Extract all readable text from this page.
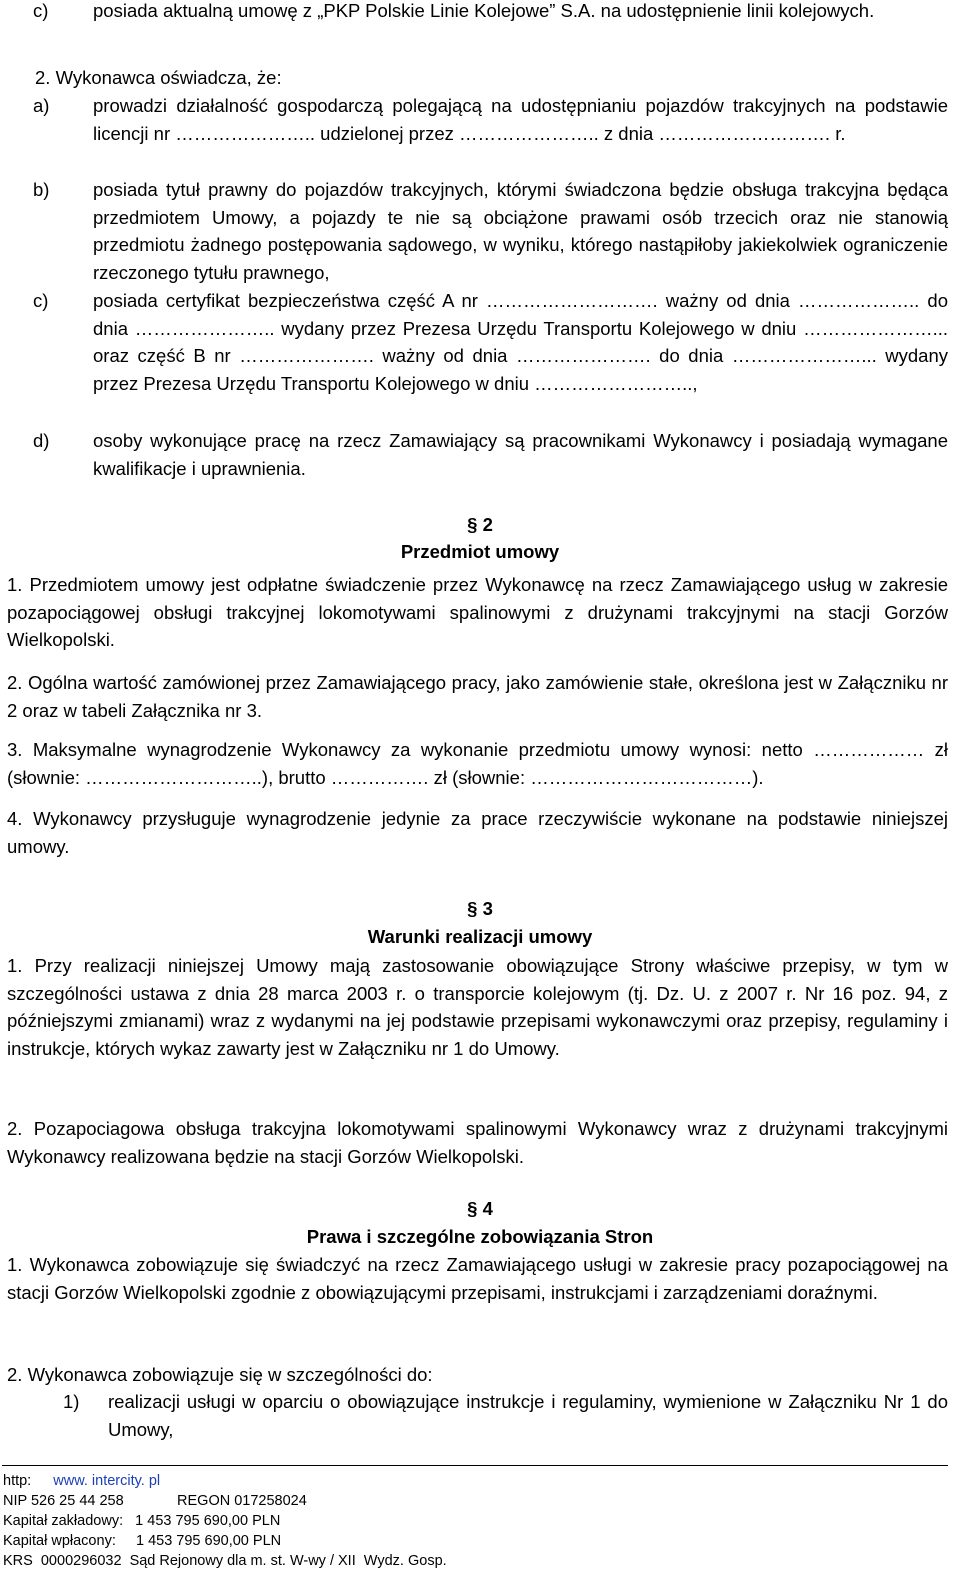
c) posiada aktualną umowę z „PKP Polskie Linie Kolejowe” S.A. na udostępnienie linii kolejowych.
2. Wykonawca oświadcza, że:
a) prowadzi działalność gospodarczą polegającą na udostępnianiu pojazdów trakcyjnych na podstawie licencji nr ………………….. udzielonej przez ………………….. z dnia ………………………. r.
b) posiada tytuł prawny do pojazdów trakcyjnych, którymi świadczona będzie obsługa trakcyjna będąca przedmiotem Umowy, a pojazdy te nie są obciążone prawami osób trzecich oraz nie stanowią przedmiotu żadnego postępowania sądowego, w wyniku, którego nastąpiłoby jakiekolwiek ograniczenie rzeczonego tytułu prawnego,
c) posiada certyfikat bezpieczeństwa część A nr ………………………. ważny od dnia ……………….. do dnia ………………….. wydany przez Prezesa Urzędu Transportu Kolejowego w dniu …………………... oraz część B nr …………………. ważny od dnia …………………. do dnia …………………... wydany przez Prezesa Urzędu Transportu Kolejowego w dniu ……………………..,
d) osoby wykonujące pracę na rzecz Zamawiający są pracownikami Wykonawcy i posiadają wymagane kwalifikacje i uprawnienia.
§ 2
Przedmiot umowy
1. Przedmiotem umowy jest odpłatne świadczenie przez Wykonawcę na rzecz Zamawiającego usług w zakresie pozapociągowej obsługi trakcyjnej lokomotywami spalinowymi z drużynami trakcyjnymi na stacji Gorzów Wielkopolski.
2. Ogólna wartość zamówionej przez Zamawiającego pracy, jako zamówienie stałe, określona jest w Załączniku nr 2 oraz w tabeli Załącznika nr 3.
3. Maksymalne wynagrodzenie Wykonawcy za wykonanie przedmiotu umowy wynosi: netto ……………… zł (słownie: ………………………..), brutto ……………. zł (słownie: ………………………………).
4. Wykonawcy przysługuje wynagrodzenie jedynie za prace rzeczywiście wykonane na podstawie niniejszej umowy.
§ 3
Warunki realizacji umowy
1. Przy realizacji niniejszej Umowy mają zastosowanie obowiązujące Strony właściwe przepisy, w tym w szczególności ustawa z dnia 28 marca 2003 r. o transporcie kolejowym (tj. Dz. U. z 2007 r. Nr 16 poz. 94, z późniejszymi zmianami) wraz z wydanymi na jej podstawie przepisami wykonawczymi oraz przepisy, regulaminy i instrukcje, których wykaz zawarty jest w Załączniku nr 1 do Umowy.
2. Pozapociagowa obsługa trakcyjna lokomotywami spalinowymi Wykonawcy wraz z drużynami trakcyjnymi Wykonawcy realizowana będzie na stacji Gorzów Wielkopolski.
§ 4
Prawa i szczególne zobowiązania Stron
1. Wykonawca zobowiązuje się świadczyć na rzecz Zamawiającego usługi w zakresie pracy pozapociągowej na stacji Gorzów Wielkopolski zgodnie z obowiązującymi przepisami, instrukcjami i zarządzeniami doraźnymi.
2. Wykonawca zobowiązuje się w szczególności do:
1) realizacji usługi w oparciu o obowiązujące instrukcje i regulaminy, wymienione w Załączniku Nr 1 do Umowy,
http: www. intercity. pl
NIP 526 25 44 258	REGON 017258024
Kapitał zakładowy:   1 453 795 690,00 PLN
Kapitał wpłacony:     1 453 795 690,00 PLN
KRS  0000296032  Sąd Rejonowy dla m. st. W-wy / XII  Wydz. Gosp.
